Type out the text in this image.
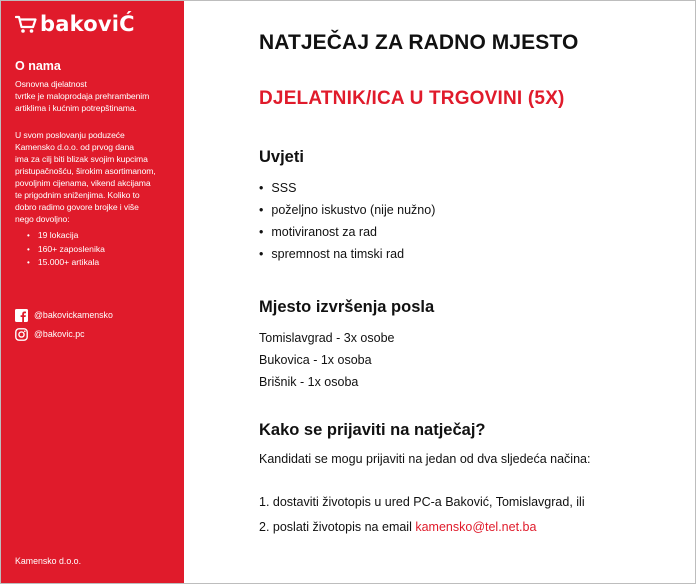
bakoviĆ
O nama
Osnovna djelatnost
tvrtke je maloprodaja prehrambenim
artiklima i kućnim potrepštinama.
U svom poslovanju poduzeće
Kamensko d.o.o. od prvog dana
ima za cilj biti blizak svojim kupcima
pristupačnošću, širokim asortimanom,
povoljnim cijenama, vikend akcijama
te prigodnim sniženjima. Koliko to
dobro radimo govore brojke i više
nego dovoljno:
• 19 lokacija
• 160+ zaposlenika
• 15.000+ artikala
@bakovickamensko
@bakovic.pc
Kamensko d.o.o.
NATJEČAJ ZA RADNO MJESTO
DJELATNIK/ICA U TRGOVINI (5X)
Uvjeti
• SSS
• poželjno iskustvo (nije nužno)
• motiviranost za rad
• spremnost na timski rad
Mjesto izvršenja posla
Tomislavgrad - 3x osobe
Bukovica - 1x osoba
Brišnik - 1x osoba
Kako se prijaviti na natječaj?
Kandidati se mogu prijaviti na jedan od dva sljedeća načina:
1. dostaviti životopis u ured PC-a Baković, Tomislavgrad, ili
2. poslati životopis na email kamensko@tel.net.ba
